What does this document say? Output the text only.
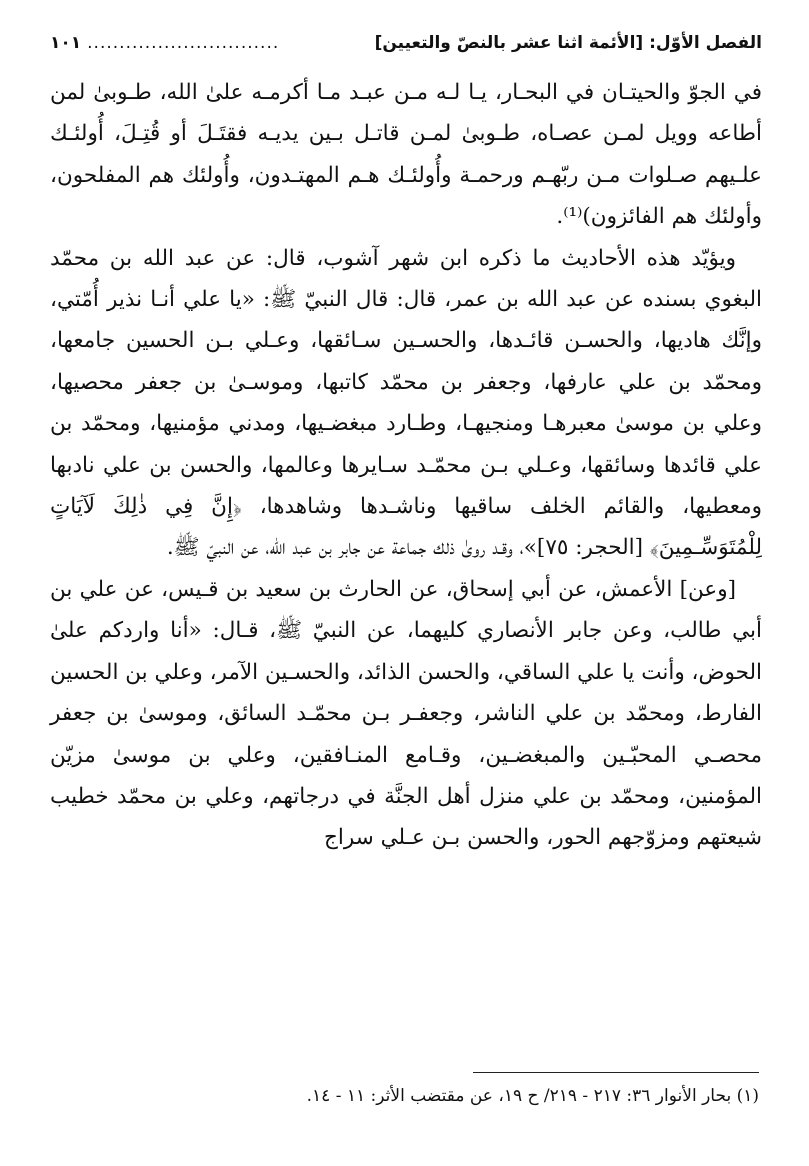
الفصل الأوّل: [الأئمة اثنا عشر بالنصّ والتعيين]
..............................
١٠١

في الجوّ والحيتـان في البحـار، يـا لـه مـن عبـد مـا أكرمـه علىٰ الله، طـوبىٰ لمن أطاعه وويل لمـن عصـاه، طـوبىٰ لمـن قاتـل بـين يديـه فقتَـلَ أو قُتِـلَ، أُولئـك علـيهم صـلوات مـن ربّهـم ورحمـة وأُولئـك هـم المهتـدون، وأُولئك هم المفلحون، وأولئك هم الفائزون)⁽¹⁾.

ويؤيّد هذه الأحاديث ما ذكره ابن شهر آشوب، قال: عن عبد الله بن محمّد البغوي بسنده عن عبد الله بن عمر، قال: قال النبيّ ﷺ: «يا علي أنـا نذير أُمّتي، وإنَّك هاديها، والحسـن قائـدها، والحسـين سـائقها، وعـلي بـن الحسين جامعها، ومحمّد بن علي عارفها، وجعفر بن محمّد كاتبها، وموسـىٰ بن جعفر محصيها، وعلي بن موسىٰ معبرهـا ومنجيهـا، وطـارد مبغضـيها، ومدني مؤمنيها، ومحمّد بن علي قائدها وسائقها، وعـلي بـن محمّـد سـايرها وعالمها، والحسن بن علي نادبها ومعطيها، والقائم الخلف ساقيها وناشـدها وشاهدها، ﴿إِنَّ فِي ذٰلِكَ لَآيَاتٍ لِلْمُتَوَسِّـمِينَ﴾ [الحجر: ٧٥]»، وقـد روىٰ ذلك جماعة عن جابر بن عبد الله، عن النبيّ ﷺ.

[وعن] الأعمش، عن أبي إسحاق، عن الحارث بن سعيد بن قـيس، عن علي بن أبي طالب، وعن جابر الأنصاري كليهما، عن النبيّ ﷺ، قـال: «أنا واردكم علىٰ الحوض، وأنت يا علي الساقي، والحسن الذائد، والحسـين الآمر، وعلي بن الحسين الفارط، ومحمّد بن علي الناشر، وجعفـر بـن محمّـد السائق، وموسىٰ بن جعفر محصـي المحبّـين والمبغضـين، وقـامع المنـافقين، وعلي بن موسىٰ مزيّن المؤمنين، ومحمّد بن علي منزل أهل الجنَّة في درجاتهم، وعلي بن محمّد خطيب شيعتهم ومزوّجهم الحور، والحسن بـن عـلي سراج

(١) بحار الأنوار ٣٦: ٢١٧ - ٢١٩/ ح ١٩، عن مقتضب الأثر: ١١ - ١٤.
